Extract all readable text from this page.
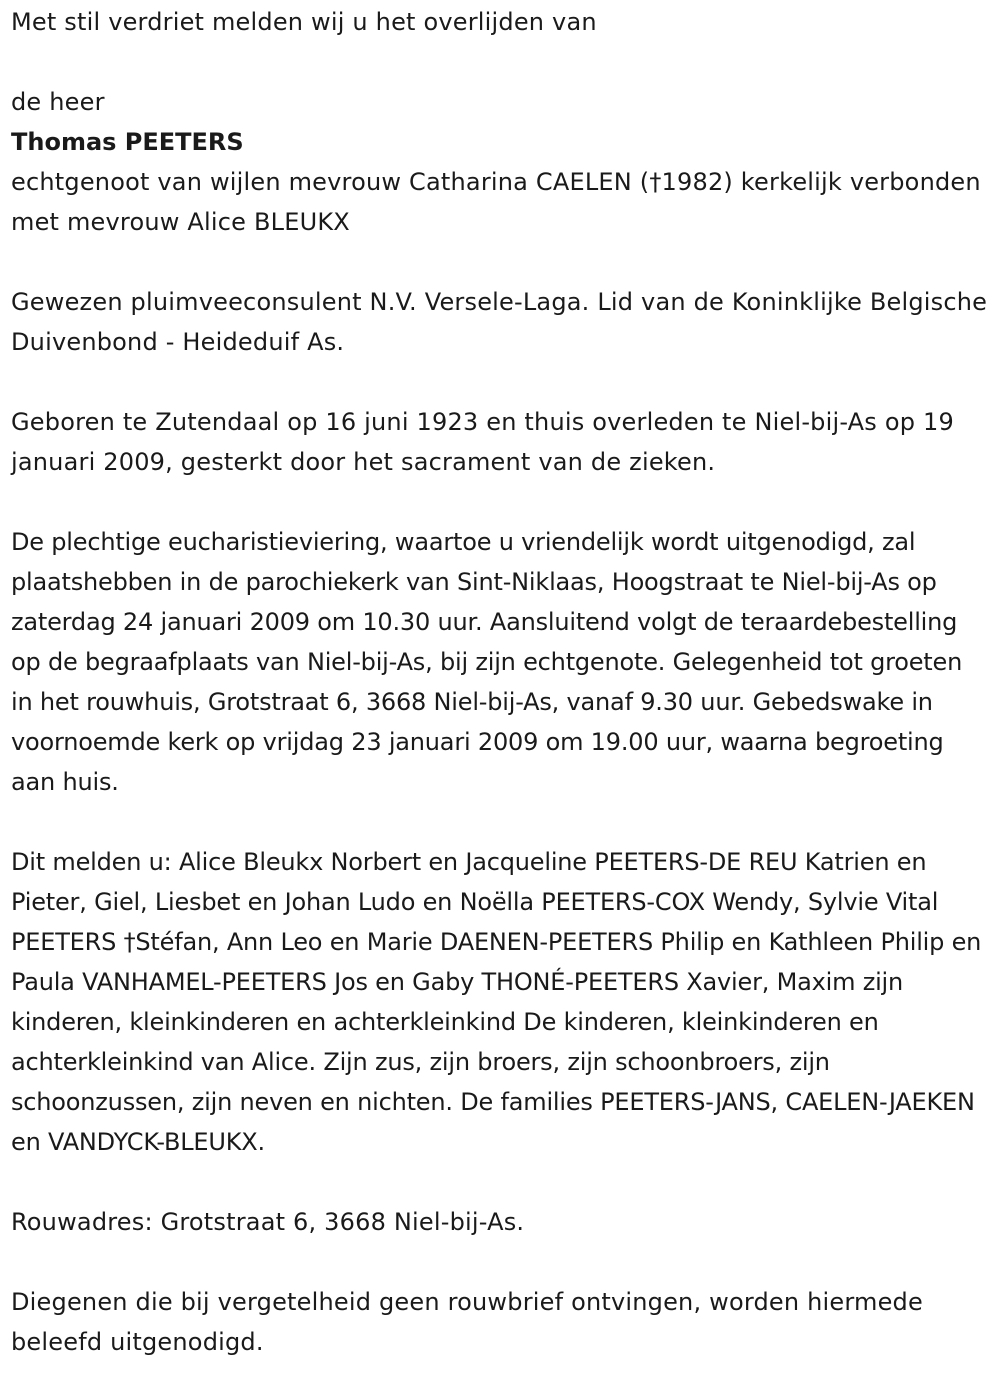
Met stil verdriet melden wij u het overlijden van

de heer

Thomas PEETERS

echtgenoot van wijlen mevrouw Catharina CAELEN (†1982) kerkelijk verbonden met mevrouw Alice BLEUKX

Gewezen pluimveeconsulent N.V. Versele-Laga. Lid van de Koninklijke Belgische Duivenbond - Heideduif As.

Geboren te Zutendaal op 16 juni 1923 en thuis overleden te Niel-bij-As op 19 januari 2009, gesterkt door het sacrament van de zieken.

De plechtige eucharistieviering, waartoe u vriendelijk wordt uitgenodigd, zal plaatshebben in de parochiekerk van Sint-Niklaas, Hoogstraat te Niel-bij-As op zaterdag 24 januari 2009 om 10.30 uur. Aansluitend volgt de teraardebestelling op de begraafplaats van Niel-bij-As, bij zijn echtgenote. Gelegenheid tot groeten in het rouwhuis, Grotstraat 6, 3668 Niel-bij-As, vanaf 9.30 uur. Gebedswake in voornoemde kerk op vrijdag 23 januari 2009 om 19.00 uur, waarna begroeting aan huis.

Dit melden u: Alice Bleukx Norbert en Jacqueline PEETERS-DE REU Katrien en Pieter, Giel, Liesbet en Johan Ludo en Noëlla PEETERS-COX Wendy, Sylvie Vital PEETERS †Stéfan, Ann Leo en Marie DAENEN-PEETERS Philip en Kathleen Philip en Paula VANHAMEL-PEETERS Jos en Gaby THONÉ-PEETERS Xavier, Maxim zijn kinderen, kleinkinderen en achterkleinkind De kinderen, kleinkinderen en achterkleinkind van Alice. Zijn zus, zijn broers, zijn schoonbroers, zijn schoonzussen, zijn neven en nichten. De families PEETERS-JANS, CAELEN-JAEKEN en VANDYCK-BLEUKX.

Rouwadres: Grotstraat 6, 3668 Niel-bij-As.

Diegenen die bij vergetelheid geen rouwbrief ontvingen, worden hiermede beleefd uitgenodigd.
